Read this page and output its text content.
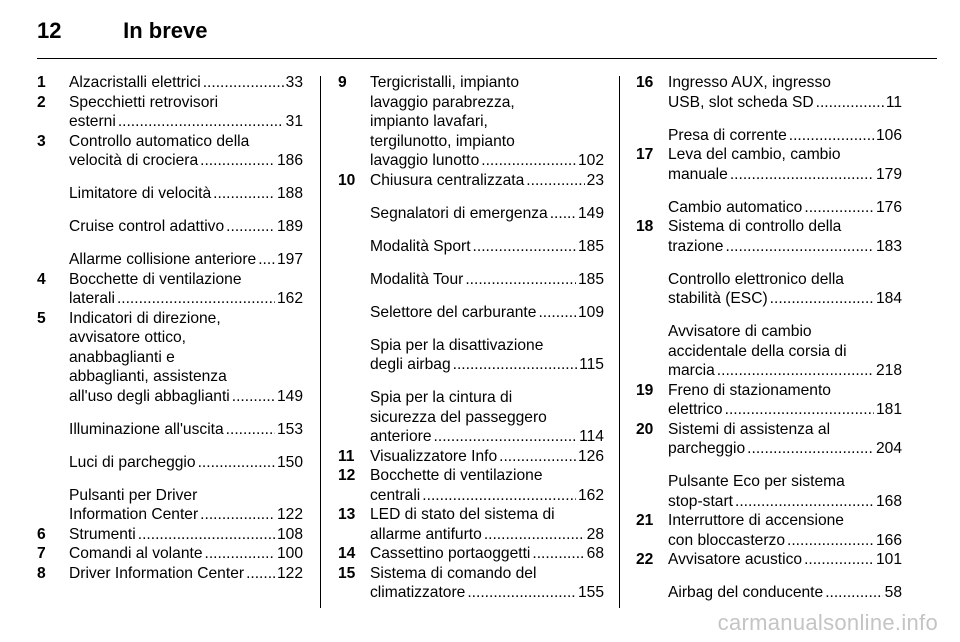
12	In breve
1 Alzacristalli elettrici .....	33
2 Specchietti retrovisori
esterni .....	31
3 Controllo automatico della
velocità di crociera .....	186
Limitatore di velocità .....	188
Cruise control adattivo .....	189
Allarme collisione anteriore ..... 197
4 Bocchette di ventilazione
laterali .....	162
5 Indicatori di direzione,
avvisatore ottico,
anabbaglianti e
abbaglianti, assistenza
all'uso degli abbaglianti .....	149
Illuminazione all'uscita .....	153
Luci di parcheggio .....	150
Pulsanti per Driver
Information Center .....	122
6 Strumenti .....	108
7 Comandi al volante .....	100
8 Driver Information Center ..... 122
9 Tergicristalli, impianto
lavaggio parabrezza,
impianto lavafari,
tergilunotto, impianto
lavaggio lunotto .....	102
10 Chiusura centralizzata .....	23
Segnalatori di emergenza ..... 149
Modalità Sport .....	185
Modalità Tour .....	185
Selettore del carburante .....	109
Spia per la disattivazione
degli airbag .....	115
Spia per la cintura di
sicurezza del passeggero
anteriore .....	114
11 Visualizzatore Info .....	126
12 Bocchette di ventilazione
centrali .....	162
13 LED di stato del sistema di
allarme antifurto .....	28
14 Cassettino portaoggetti .....	68
15 Sistema di comando del
climatizzatore .....	155
16 Ingresso AUX, ingresso
USB, slot scheda SD .....	11
Presa di corrente .....	106
17 Leva del cambio, cambio
manuale .....	179
Cambio automatico .....	176
18 Sistema di controllo della
trazione .....	183
Controllo elettronico della
stabilità (ESC) .....	184
Avvisatore di cambio
accidentale della corsia di
marcia .....	218
19 Freno di stazionamento
elettrico .....	181
20 Sistemi di assistenza al
parcheggio .....	204
Pulsante Eco per sistema
stop-start .....	168
21 Interruttore di accensione
con bloccasterzo .....	166
22 Avvisatore acustico .....	101
Airbag del conducente .....	58
carmanualsonline.info
